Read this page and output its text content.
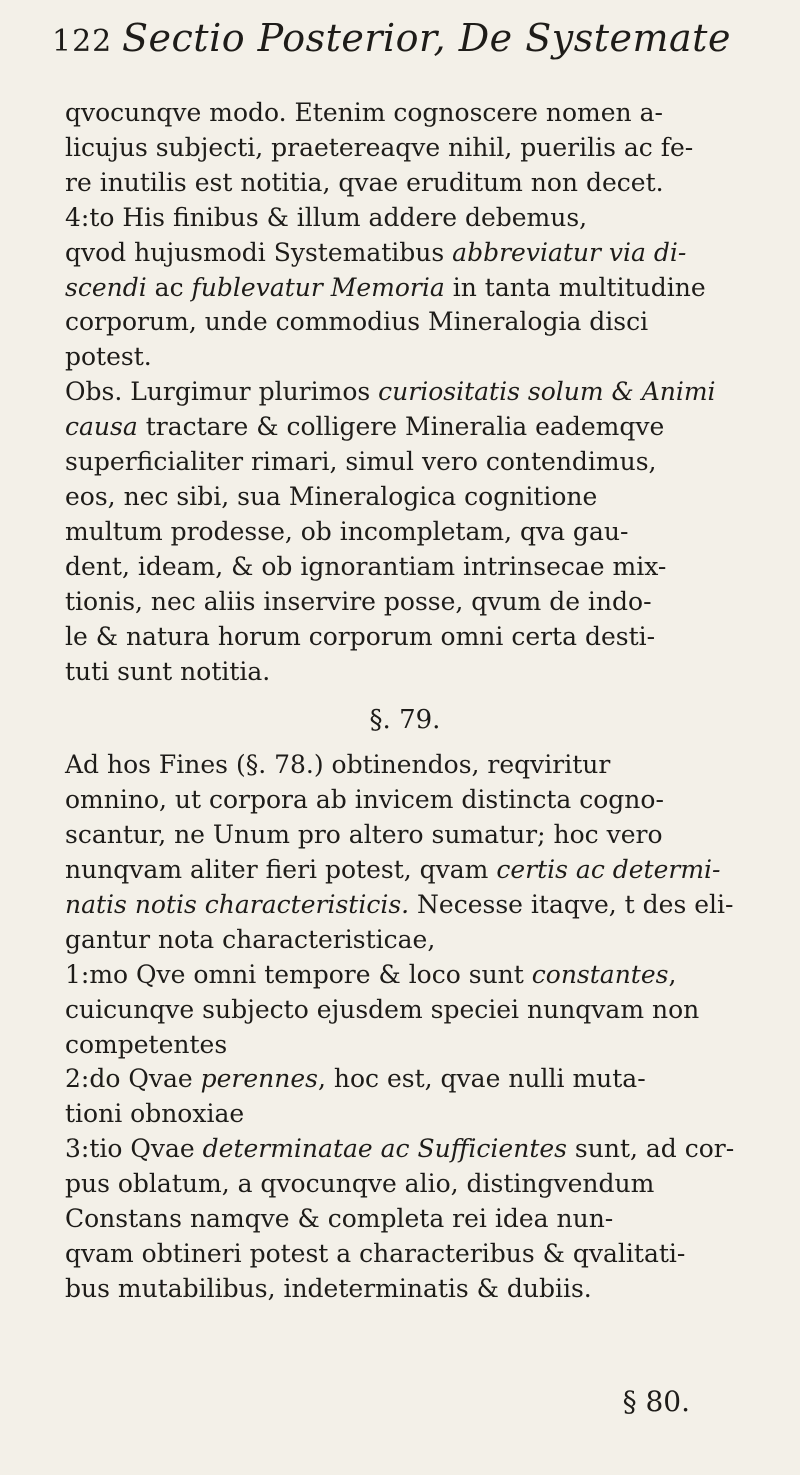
122 Sectio Posterior, De Systemate

qvocunqve modo. Etenim cognoscere nomen a-
licujus subjecti, praetereaqve nihil, puerilis ac fe-
re inutilis est notitia, qvae eruditum non decet.
4:to His finibus & illum addere debemus,
qvod hujusmodi Systematibus abbreviatur via di-
scendi ac fublevatur Memoria in tanta multitudine
corporum, unde commodius Mineralogia disci
potest.

Obs. Lurgimur plurimos curiositatis solum & Animi
causa tractare & colligere Mineralia eademqve
superficialiter rimari, simul vero contendimus,
eos, nec sibi, sua Mineralogica cognitione
multum prodesse, ob incompletam, qva gau-
dent, ideam, & ob ignorantiam intrinsecae mix-
tionis, nec aliis inservire posse, qvum de indo-
le & natura horum corporum omni certa desti-
tuti sunt notitia.

§. 79.

Ad hos Fines (§. 78.) obtinendos, reqviritur
omnino, ut corpora ab invicem distincta cogno-
scantur, ne Unum pro altero sumatur; hoc vero
nunqvam aliter fieri potest, qvam certis ac determi-
natis notis characteristicis. Necesse itaqve, t des eli-
gantur nota characteristicae,
1:mo Qve omni tempore & loco sunt constantes,
cuicunqve subjecto ejusdem speciei nunqvam non
competentes
2:do Qvae perennes, hoc est, qvae nulli muta-
tioni obnoxiae
3:tio Qvae determinatae ac Sufficientes sunt, ad cor-
pus oblatum, a qvocunqve alio, distingvendum
Constans namqve & completa rei idea nun-
qvam obtineri potest a characteribus & qvalitati-
bus mutabilibus, indeterminatis & dubiis.

§ 80.
